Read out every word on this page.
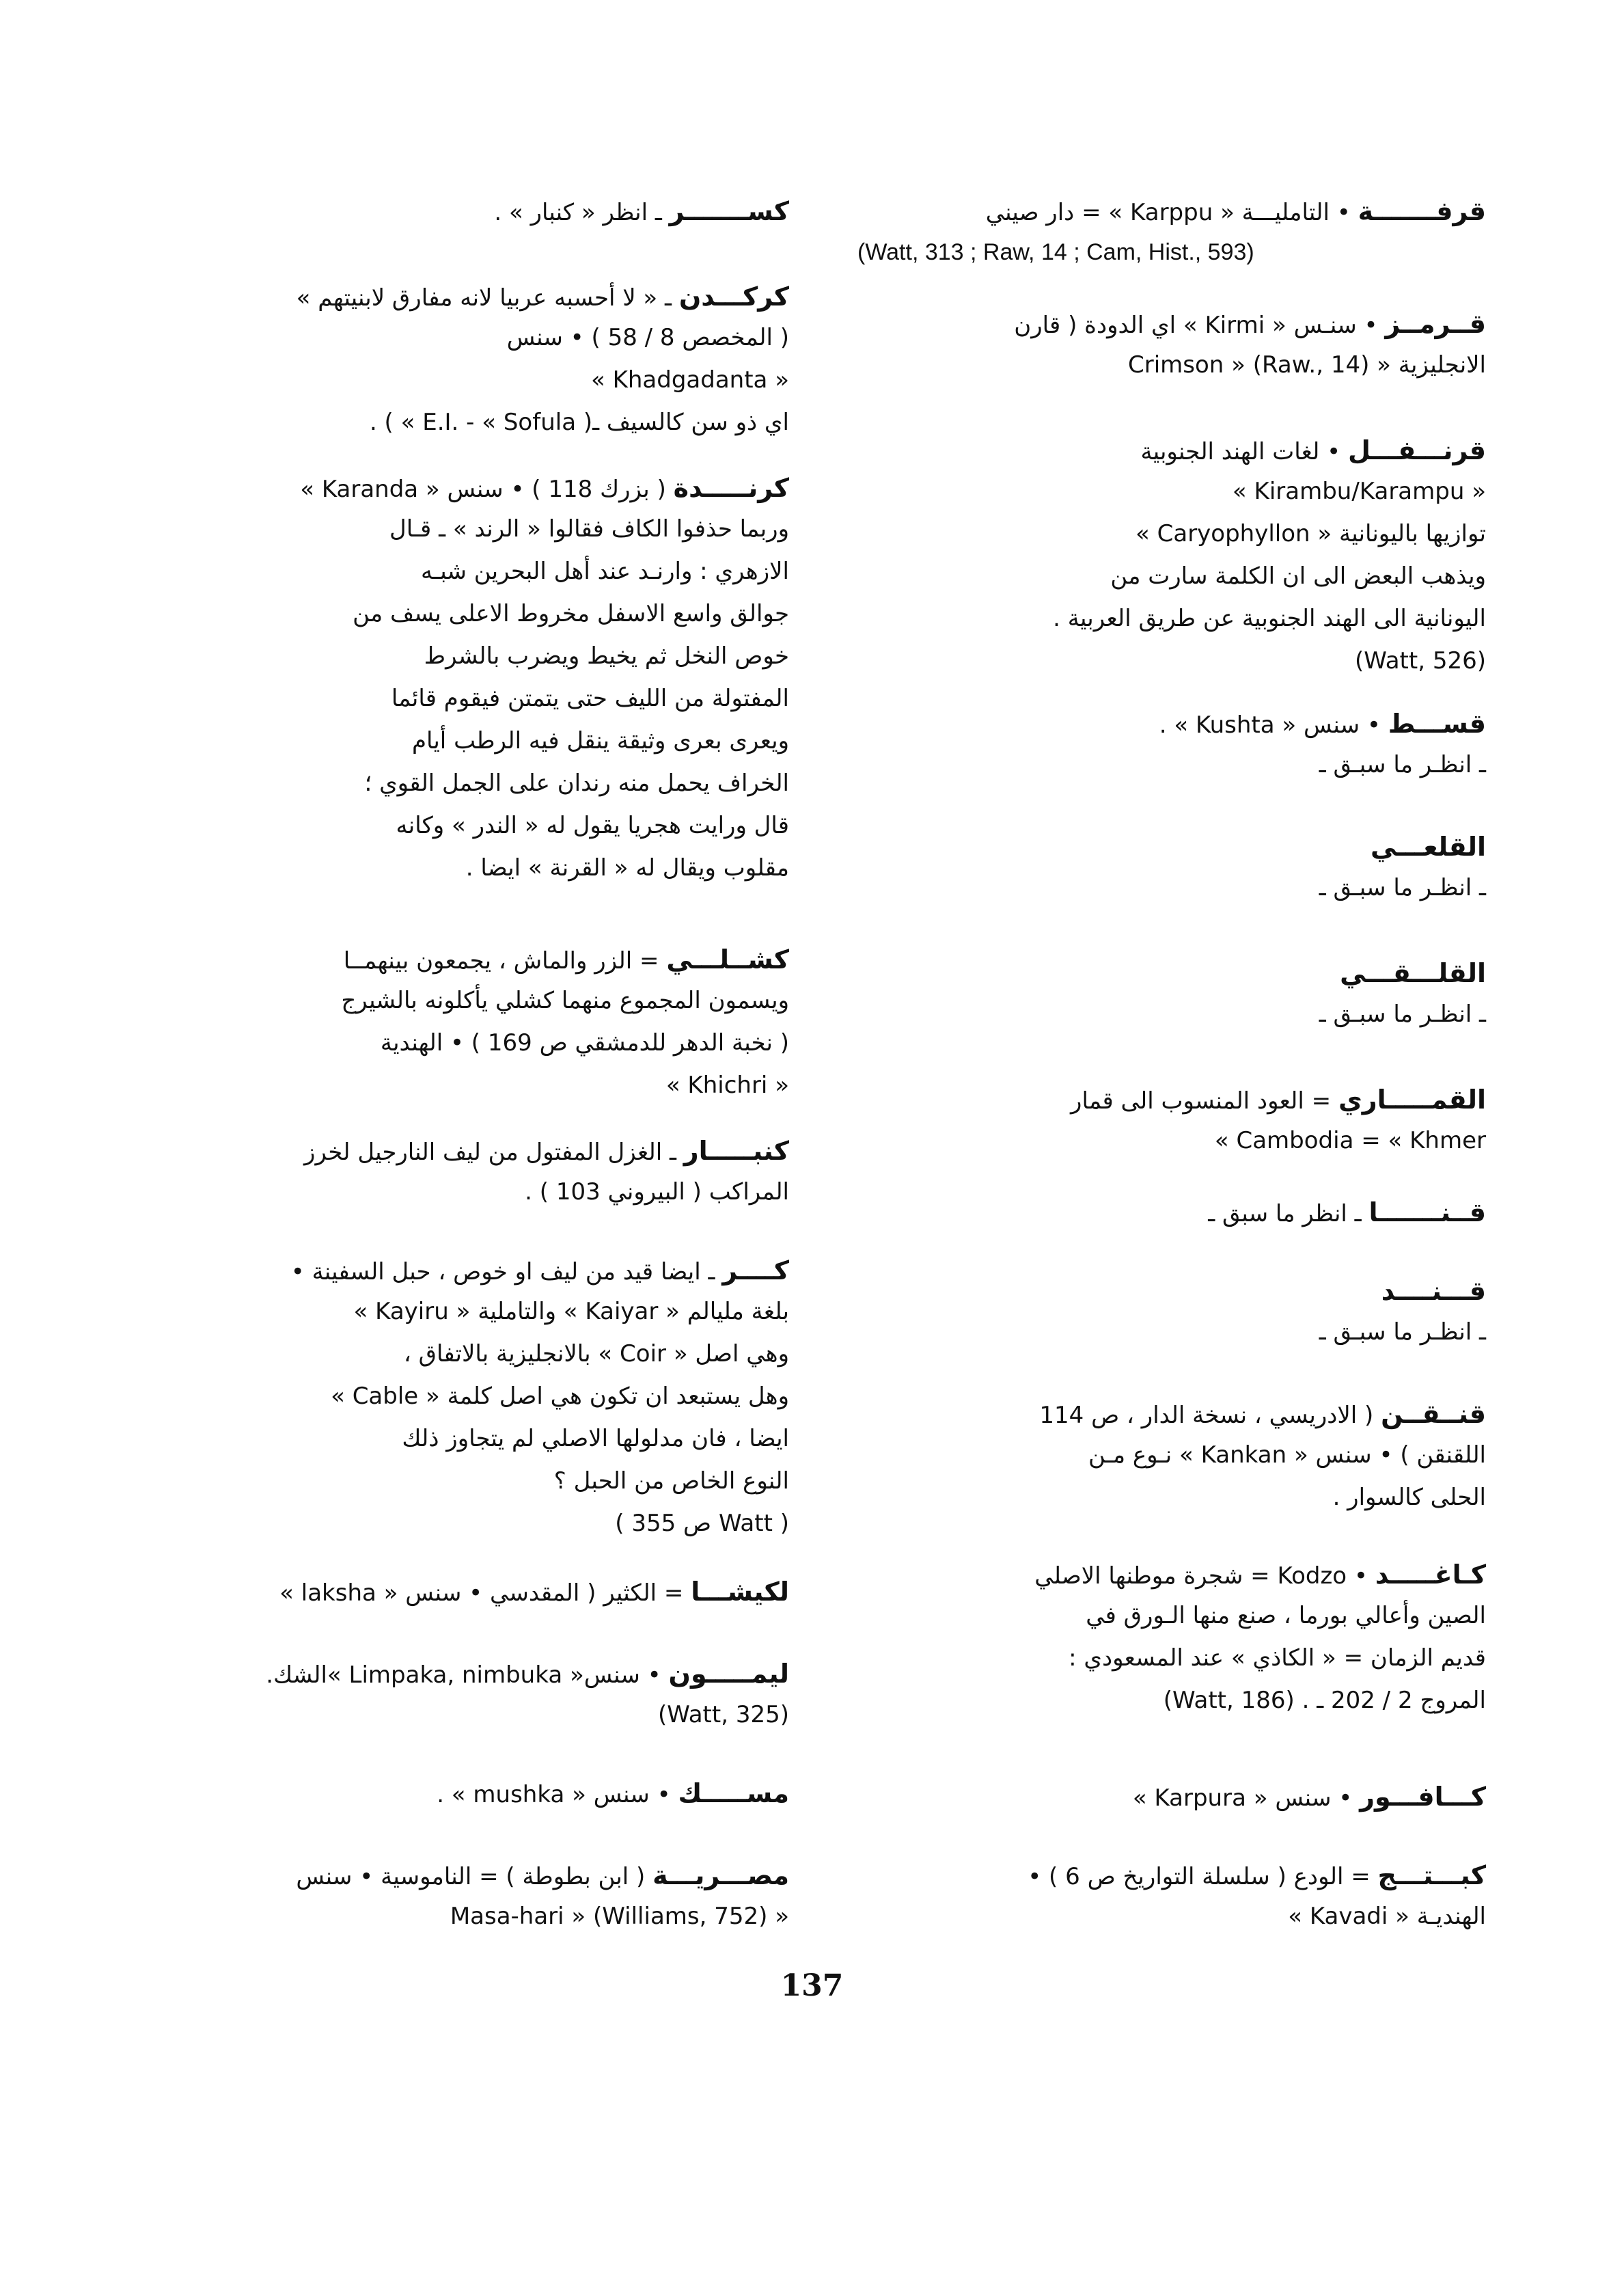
قرفـــــــة • التامليـــة « Karppu » = دار صيني
(Watt, 313 ; Raw, 14 ; Cam, Hist., 593)
قــرمــز • سنـس « Kirmi » اي الدودة ( قارن
الانجليزية « Crimson » (Raw., 14)
قرنـــفـــل • لغات الهند الجنوبية
« Kirambu/Karampu »
توازيها باليونانية « Caryophyllon »
ويذهب البعض الى ان الكلمة سارت من
اليونانية الى الهند الجنوبية عن طريق العربية .
(Watt, 526)
قســـط • سنس « Kushta » .
ـ انظـر ما سبـق ـ
القلعـــي
ـ انظـر ما سبـق ـ
القلـــقـــي
ـ انظـر ما سبـق ـ
القمـــــاري = العود المنسوب الى قمار
Cambodia = « Khmer »
قــنـــــــا ـ انظر ما سبق ـ
قـــنــــد
ـ انظـر ما سبـق ـ
قنــقــن ( الادريسي ، نسخة الدار ، ص 114
اللقنقن ) • سنس « Kankan » نـوع مـن
الحلى كالسوار .
كـاغـــــد • Kodzo = شجرة موطنها الاصلي
الصين وأعالي بورما ، صنع منها الـورق في
قديم الزمان = « الكاذي » عند المسعودي :
المروج 2 / 202 ـ . (Watt, 186)
كـــافـــور • سنس « Karpura »
كبـــتـــج = الودع ( سلسلة التواريخ ص 6 ) •
الهنديـة « Kavadi »
كســـــــر ـ انظر « كنبار » .
كركـــدن ـ « لا أحسبه عربيا لانه مفارق لابنيتهم »
( المخصص 8 / 58 ) • سنس
« Khadgadanta »
اي ذو سن كالسيف ـ( E.I. - « Sofula » ) .
كرنـــــدة ( بزرك 118 ) • سنس « Karanda »
وربما حذفوا الكاف فقالوا « الرند » ـ قـال
الازهري : وارنـد عند أهل البحرين شبـه
جوالق واسع الاسفل مخروط الاعلى يسف من
خوص النخل ثم يخيط ويضرب بالشرط
المفتولة من الليف حتى يتمتن فيقوم قائما
ويعرى بعرى وثيقة ينقل فيه الرطب أيام
الخراف يحمل منه رندان على الجمل القوي ؛
قال ورايت هجريا يقول له « الندر » وكانه
مقلوب ويقال له « القرنة » ايضا .
كشــلـــي = الزر والماش ، يجمعون بينهمــا
ويسمون المجموع منهما كشلي يأكلونه بالشيرج
( نخبة الدهر للدمشقي ص 169 ) • الهندية
« Khichri »
كنبـــــار ـ الغزل المفتول من ليف النارجيل لخرز
المراكب ( البيروني 103 ) .
كــــر ـ ايضا قيد من ليف او خوص ، حبل السفينة •
بلغة مليالم « Kaiyar » والتاملية « Kayiru »
وهي اصل « Coir » بالانجليزية بالاتفاق ،
وهل يستبعد ان تكون هي اصل كلمة « Cable »
ايضا ، فان مدلولها الاصلي لم يتجاوز ذلك
النوع الخاص من الحبل ؟
( Watt ص 355 )
لكيشـــا = الكثير ( المقدسي • سنس « laksha »
ليمـــــون • سنس« Limpaka, nimbuka »الشك.
(Watt, 325)
مســـــك • سنس « mushka » .
مصـــريـــة ( ابن بطوطة ) = الناموسية • سنس
« Masa-hari » (Williams, 752)
137
